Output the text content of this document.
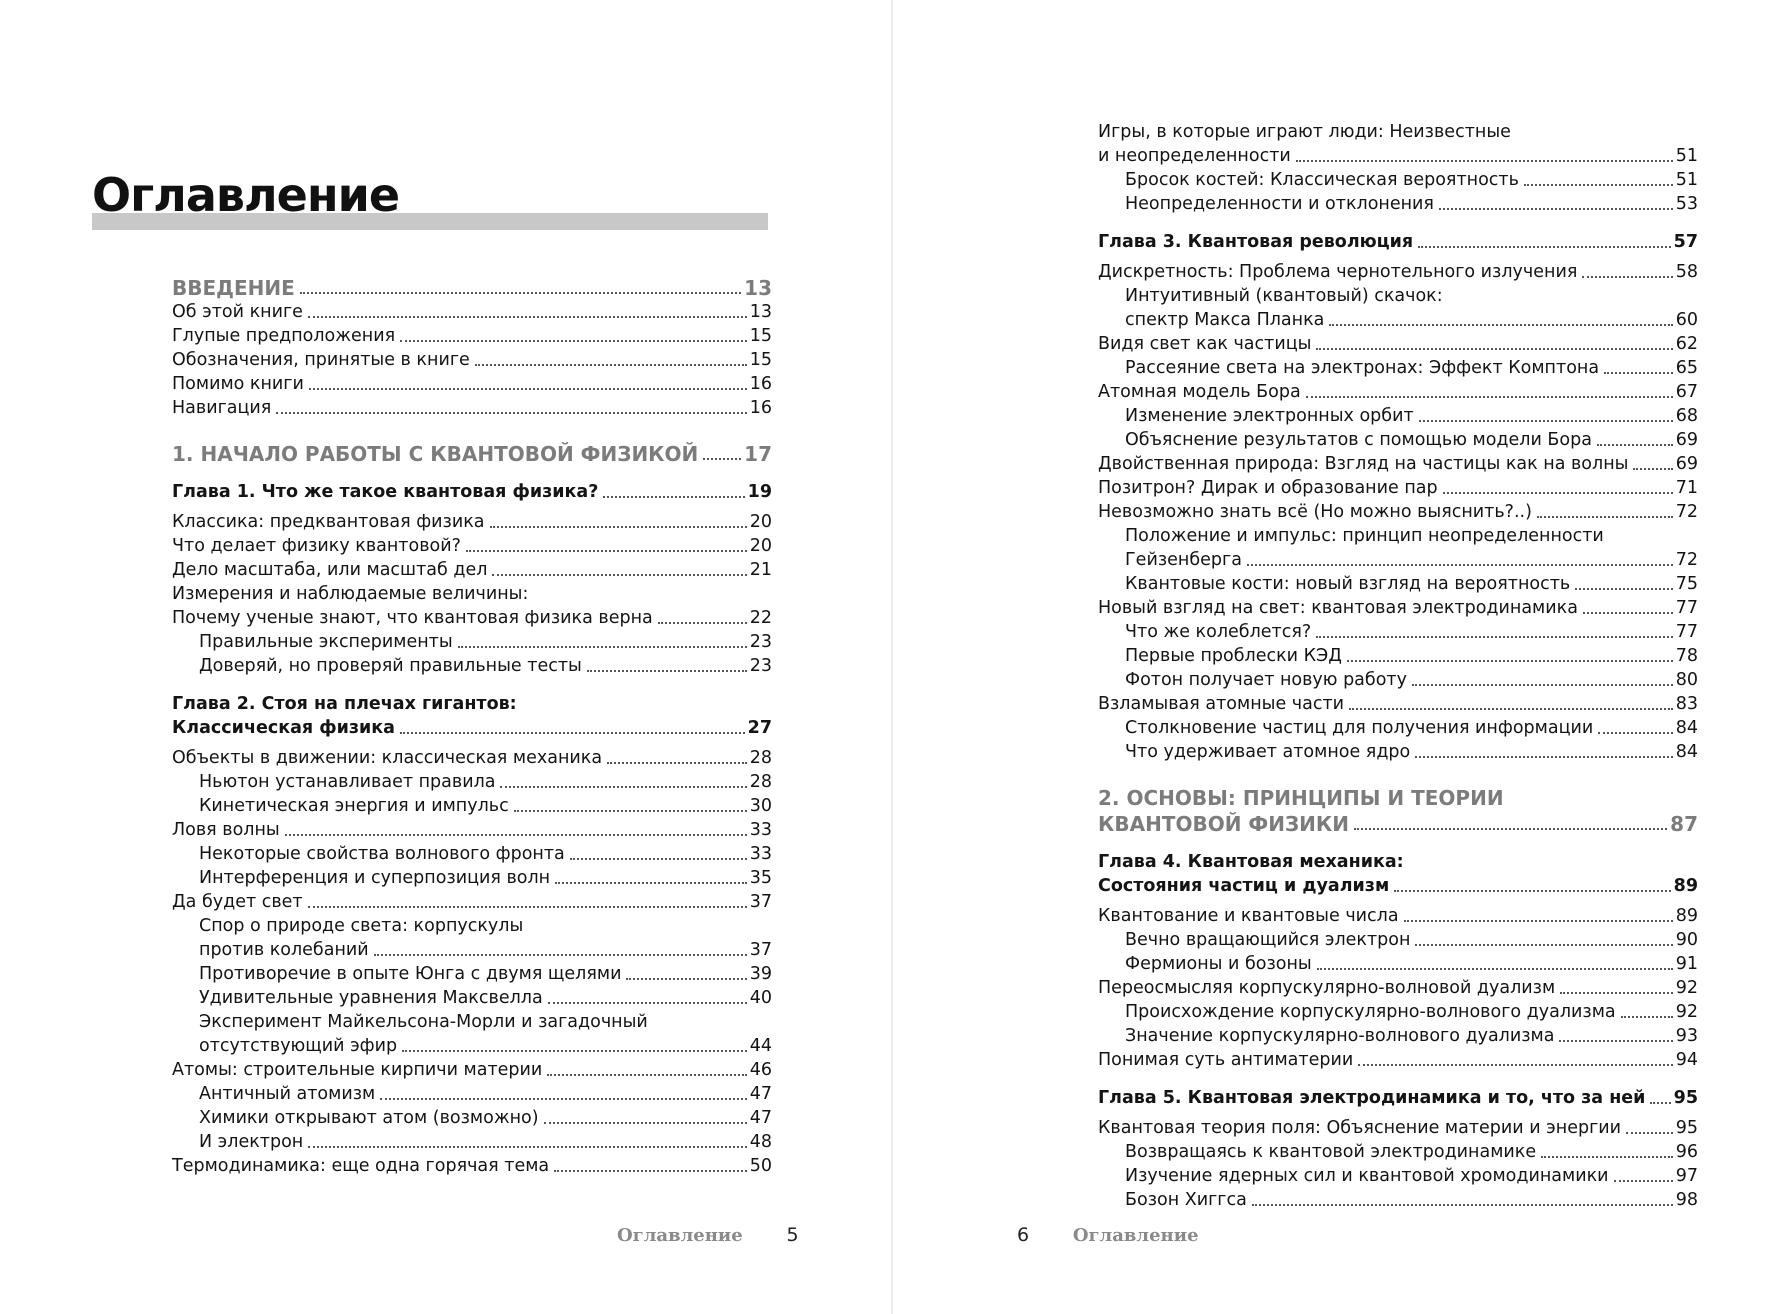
Оглавление
ВВЕДЕНИЕ	13
Об этой книге	13
Глупые предположения	15
Обозначения, принятые в книге	15
Помимо книги	16
Навигация	16
1. НАЧАЛО РАБОТЫ С КВАНТОВОЙ ФИЗИКОЙ 17
Глава 1. Что же такое квантовая физика?	19
Классика: предквантовая физика	20
Что делает физику квантовой?	20
Дело масштаба, или масштаб дел	21
Измерения и наблюдаемые величины:
Почему ученые знают, что квантовая физика верна	22
Правильные эксперименты	23
Доверяй, но проверяй правильные тесты	23
Глава 2. Стоя на плечах гигантов:
Классическая физика	27
Объекты в движении: классическая механика	28
Ньютон устанавливает правила	28
Кинетическая энергия и импульс	30
Ловя волны	33
Некоторые свойства волнового фронта	33
Интерференция и суперпозиция волн	35
Да будет свет	37
Спор о природе света: корпускулы
против колебаний	37
Противоречие в опыте Юнга с двумя щелями	39
Удивительные уравнения Максвелла	40
Эксперимент Майкельсона-Морли и загадочный
отсутствующий эфир	44
Атомы: строительные кирпичи материи	46
Античный атомизм	47
Химики открывают атом (возможно)	47
И электрон	48
Термодинамика: еще одна горячая тема	50
Оглавление 5
Игры, в которые играют люди: Неизвестные
и неопределенности	51
Бросок костей: Классическая вероятность	51
Неопределенности и отклонения	53
Глава 3. Квантовая революция	57
Дискретность: Проблема чернотельного излучения	58
Интуитивный (квантовый) скачок:
спектр Макса Планка	60
Видя свет как частицы	62
Рассеяние света на электронах: Эффект Комптона	65
Атомная модель Бора	67
Изменение электронных орбит	68
Объяснение результатов с помощью модели Бора	69
Двойственная природа: Взгляд на частицы как на волны	69
Позитрон? Дирак и образование пар	71
Невозможно знать всё (Но можно выяснить?..)	72
Положение и импульс: принцип неопределенности
Гейзенберга	72
Квантовые кости: новый взгляд на вероятность	75
Новый взгляд на свет: квантовая электродинамика	77
Что же колеблется?	77
Первые проблески КЭД	78
Фотон получает новую работу	80
Взламывая атомные части	83
Столкновение частиц для получения информации	84
Что удерживает атомное ядро	84
2. ОСНОВЫ: ПРИНЦИПЫ И ТЕОРИИ
КВАНТОВОЙ ФИЗИКИ	87
Глава 4. Квантовая механика:
Состояния частиц и дуализм	89
Квантование и квантовые числа	89
Вечно вращающийся электрон	90
Фермионы и бозоны	91
Переосмысляя корпускулярно-волновой дуализм	92
Происхождение корпускулярно-волнового дуализма	92
Значение корпускулярно-волнового дуализма	93
Понимая суть антиматерии	94
Глава 5. Квантовая электродинамика и то, что за ней 95
Квантовая теория поля: Объяснение материи и энергии	95
Возвращаясь к квантовой электродинамике	96
Изучение ядерных сил и квантовой хромодинамики	97
Бозон Хиггса	98
6 Оглавление
